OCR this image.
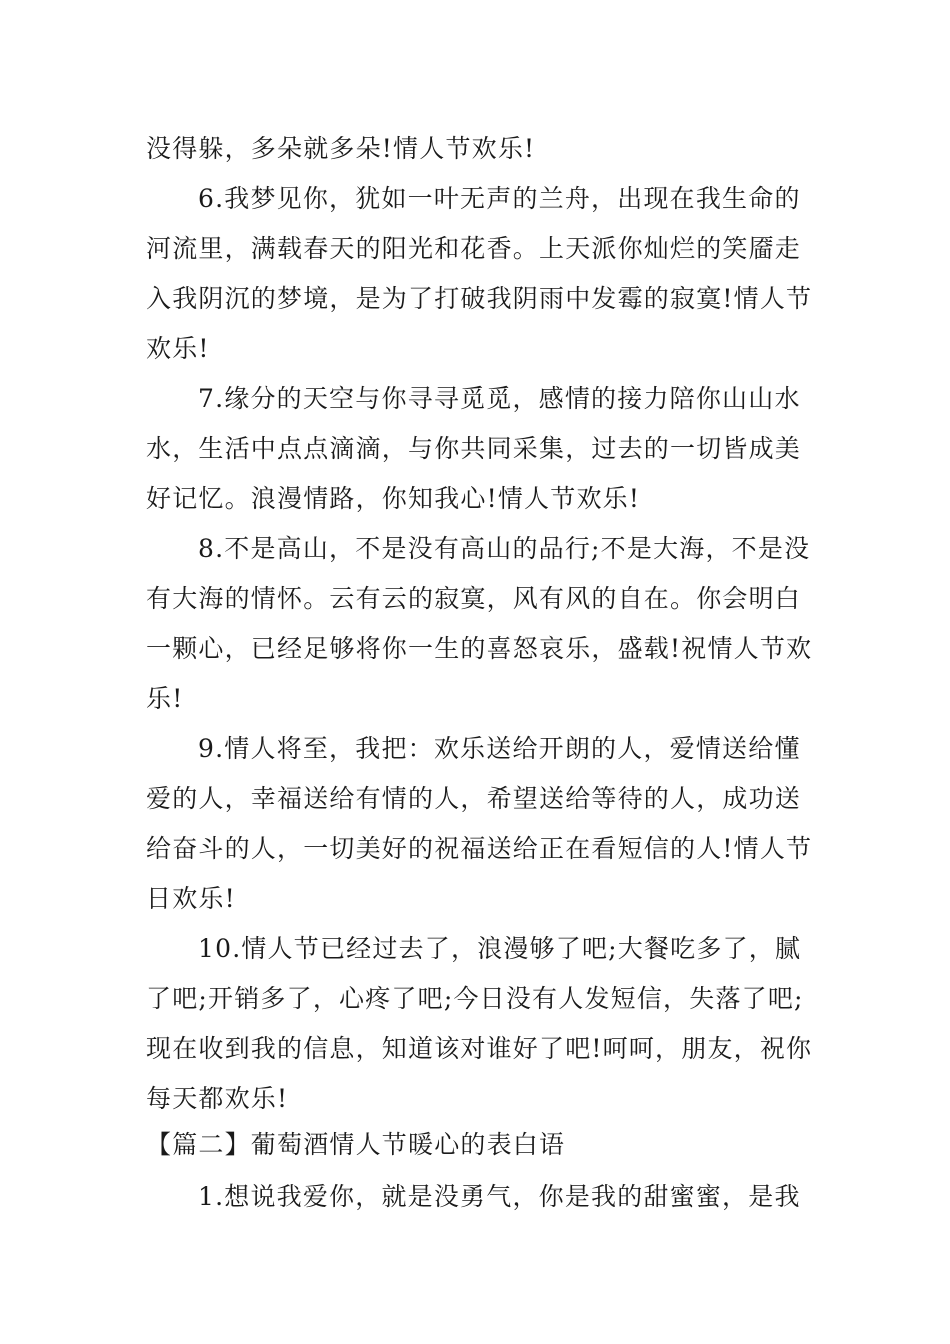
没得躲，多朵就多朵!情人节欢乐!
6.我梦见你，犹如一叶无声的兰舟，出现在我生命的
河流里，满载春天的阳光和花香。上天派你灿烂的笑靥走
入我阴沉的梦境，是为了打破我阴雨中发霉的寂寞!情人节
欢乐!
7.缘分的天空与你寻寻觅觅，感情的接力陪你山山水
水，生活中点点滴滴，与你共同采集，过去的一切皆成美
好记忆。浪漫情路，你知我心!情人节欢乐!
8.不是高山，不是没有高山的品行;不是大海，不是没
有大海的情怀。云有云的寂寞，风有风的自在。你会明白
一颗心，已经足够将你一生的喜怒哀乐，盛载!祝情人节欢
乐!
9.情人将至，我把：欢乐送给开朗的人，爱情送给懂
爱的人，幸福送给有情的人，希望送给等待的人，成功送
给奋斗的人，一切美好的祝福送给正在看短信的人!情人节
日欢乐!
10.情人节已经过去了，浪漫够了吧;大餐吃多了，腻
了吧;开销多了，心疼了吧;今日没有人发短信，失落了吧;
现在收到我的信息，知道该对谁好了吧!呵呵，朋友，祝你
每天都欢乐!
【篇二】葡萄酒情人节暖心的表白语
1.想说我爱你，就是没勇气，你是我的甜蜜蜜，是我
